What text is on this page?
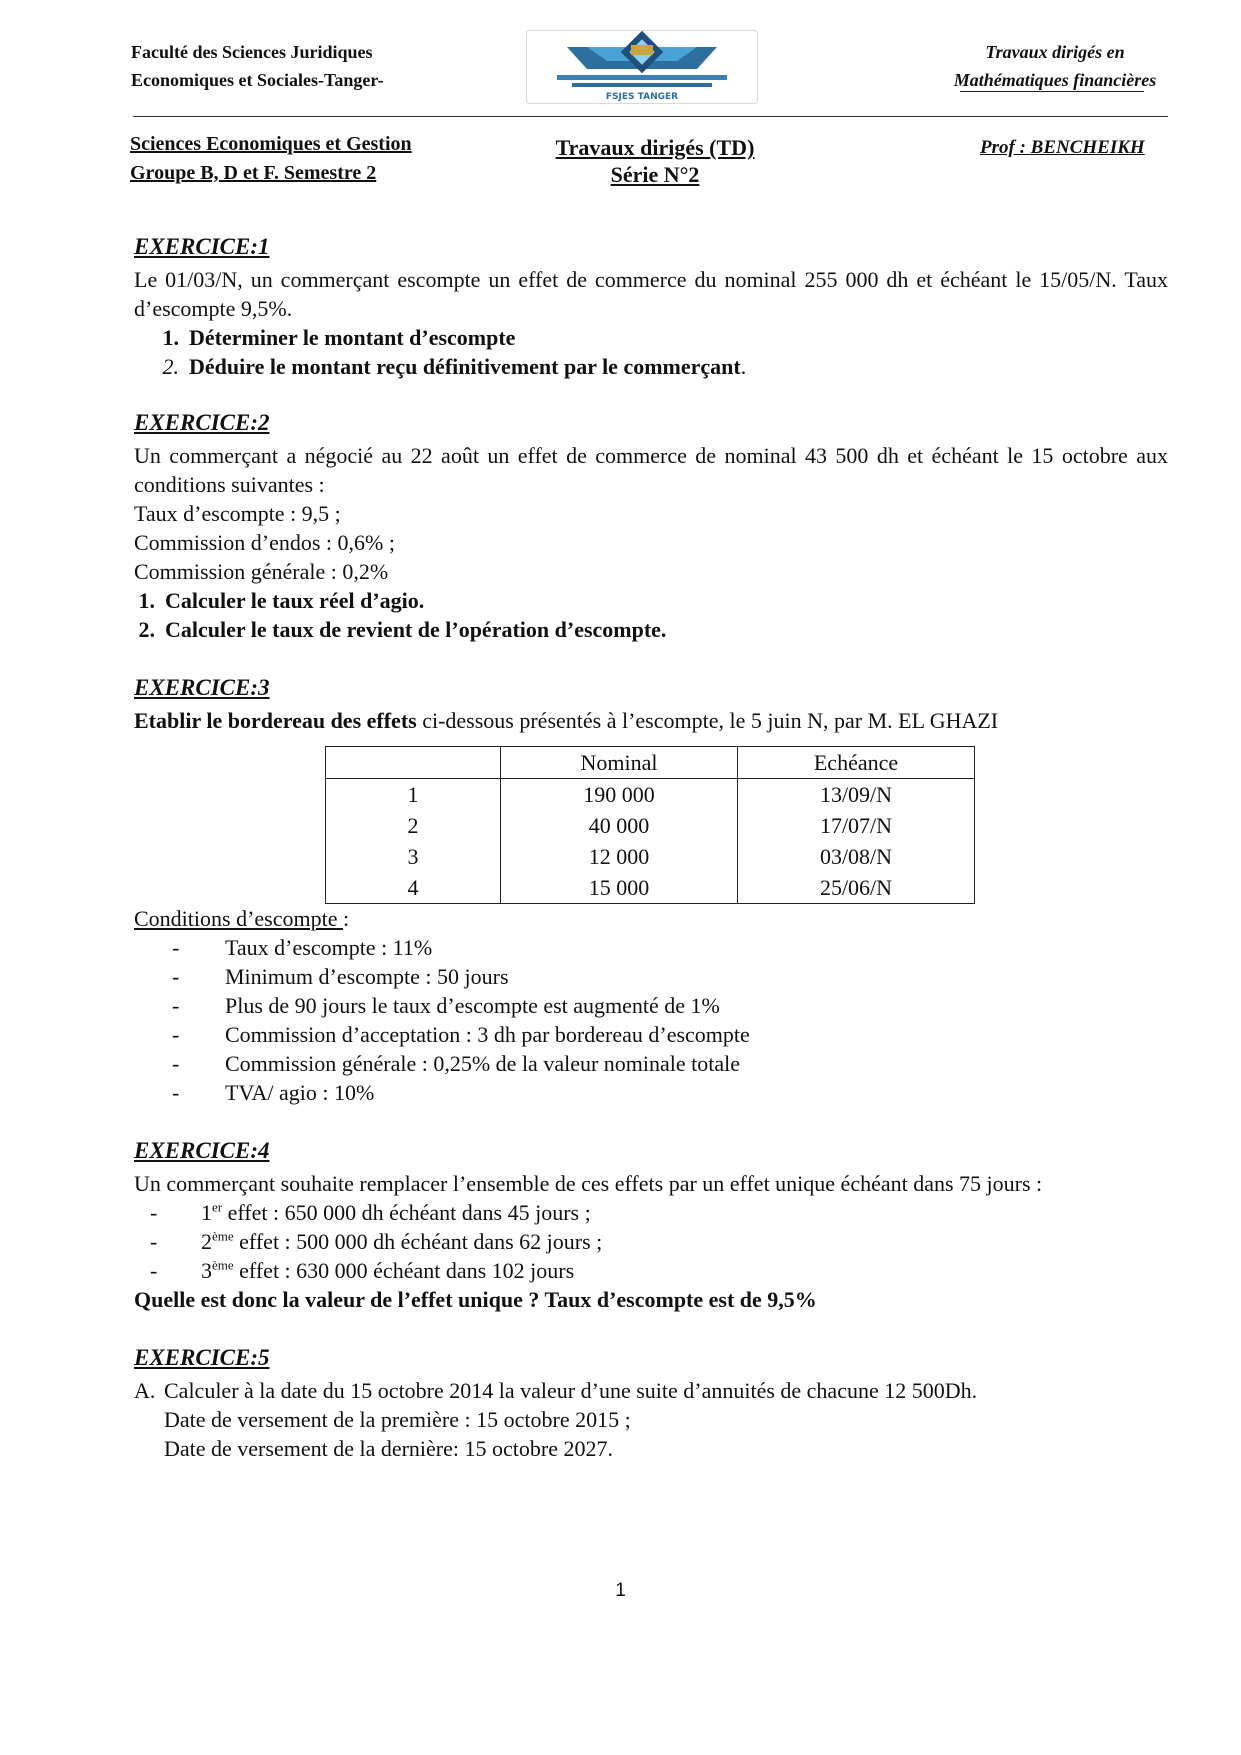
Faculté des Sciences Juridiques
Economiques et Sociales-Tanger-
FSJES TANGER
Travaux dirigés en
Mathématiques financières
Sciences Economiques et Gestion
Groupe B, D et F. Semestre 2
Travaux dirigés (TD)
Série N°2
Prof : BENCHEIKH
EXERCICE:1

Le 01/03/N, un commerçant escompte un effet de commerce du nominal 255 000 dh et échéant le 15/05/N. Taux d’escompte 9,5%.

1. Déterminer le montant d’escompte
2. Déduire le montant reçu définitivement par le commerçant.
EXERCICE:2

Un commerçant a négocié au 22 août un effet de commerce de nominal 43 500 dh et échéant le 15 octobre aux conditions suivantes :

Taux d’escompte : 9,5 ;

Commission d’endos : 0,6% ;

Commission générale : 0,2%

1. Calculer le taux réel d’agio.
2. Calculer le taux de revient de l’opération d’escompte.
EXERCICE:3

Etablir le bordereau des effets ci-dessous présentés à l’escompte, le 5 juin N, par M. EL GHAZI

	Nominal	Echéance
1	190 000	13/09/N
2	40 000	17/07/N
3	12 000	03/08/N
4	15 000	25/06/N

Conditions d’escompte :

-	Taux d’escompte : 11%
-	Minimum d’escompte : 50 jours
-	Plus de 90 jours le taux d’escompte est augmenté de 1%
-	Commission d’acceptation : 3 dh par bordereau d’escompte
-	Commission générale : 0,25% de la valeur nominale totale
-	TVA/ agio : 10%
EXERCICE:4

Un commerçant souhaite remplacer l’ensemble de ces effets par un effet unique échéant dans 75 jours :

-	1er effet : 650 000 dh échéant dans 45 jours ;
-	2ème effet : 500 000 dh échéant dans 62 jours ;
-	3ème effet : 630 000 échéant dans 102 jours

Quelle est donc la valeur de l’effet unique ? Taux d’escompte est de 9,5%

EXERCICE:5
A. Calculer à la date du 15 octobre 2014 la valeur d’une suite d’annuités de chacune 12 500Dh.

Date de versement de la première : 15 octobre 2015 ;

Date de versement de la dernière: 15 octobre 2027.

1
